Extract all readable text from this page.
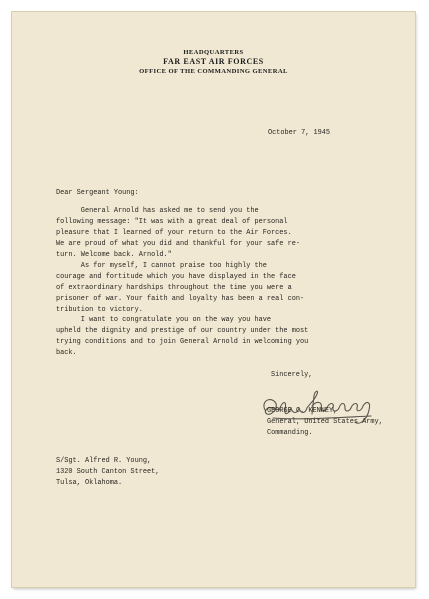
HEADQUARTERS
FAR EAST AIR FORCES
OFFICE OF THE COMMANDING GENERAL
October 7, 1945
Dear Sergeant Young:
General Arnold has asked me to send you the
following message: "It was with a great deal of personal
pleasure that I learned of your return to the Air Forces.
We are proud of what you did and thankful for your safe re-
turn. Welcome back. Arnold."
As for myself, I cannot praise too highly the
courage and fortitude which you have displayed in the face
of extraordinary hardships throughout the time you were a
prisoner of war. Your faith and loyalty has been a real con-
tribution to victory.
I want to congratulate you on the way you have
upheld the dignity and prestige of our country under the most
trying conditions and to join General Arnold in welcoming you
back.
Sincerely,
GEORGE C. KENNEY,
General, United States Army,
Commanding.
S/Sgt. Alfred R. Young,
1320 South Canton Street,
Tulsa, Oklahoma.
